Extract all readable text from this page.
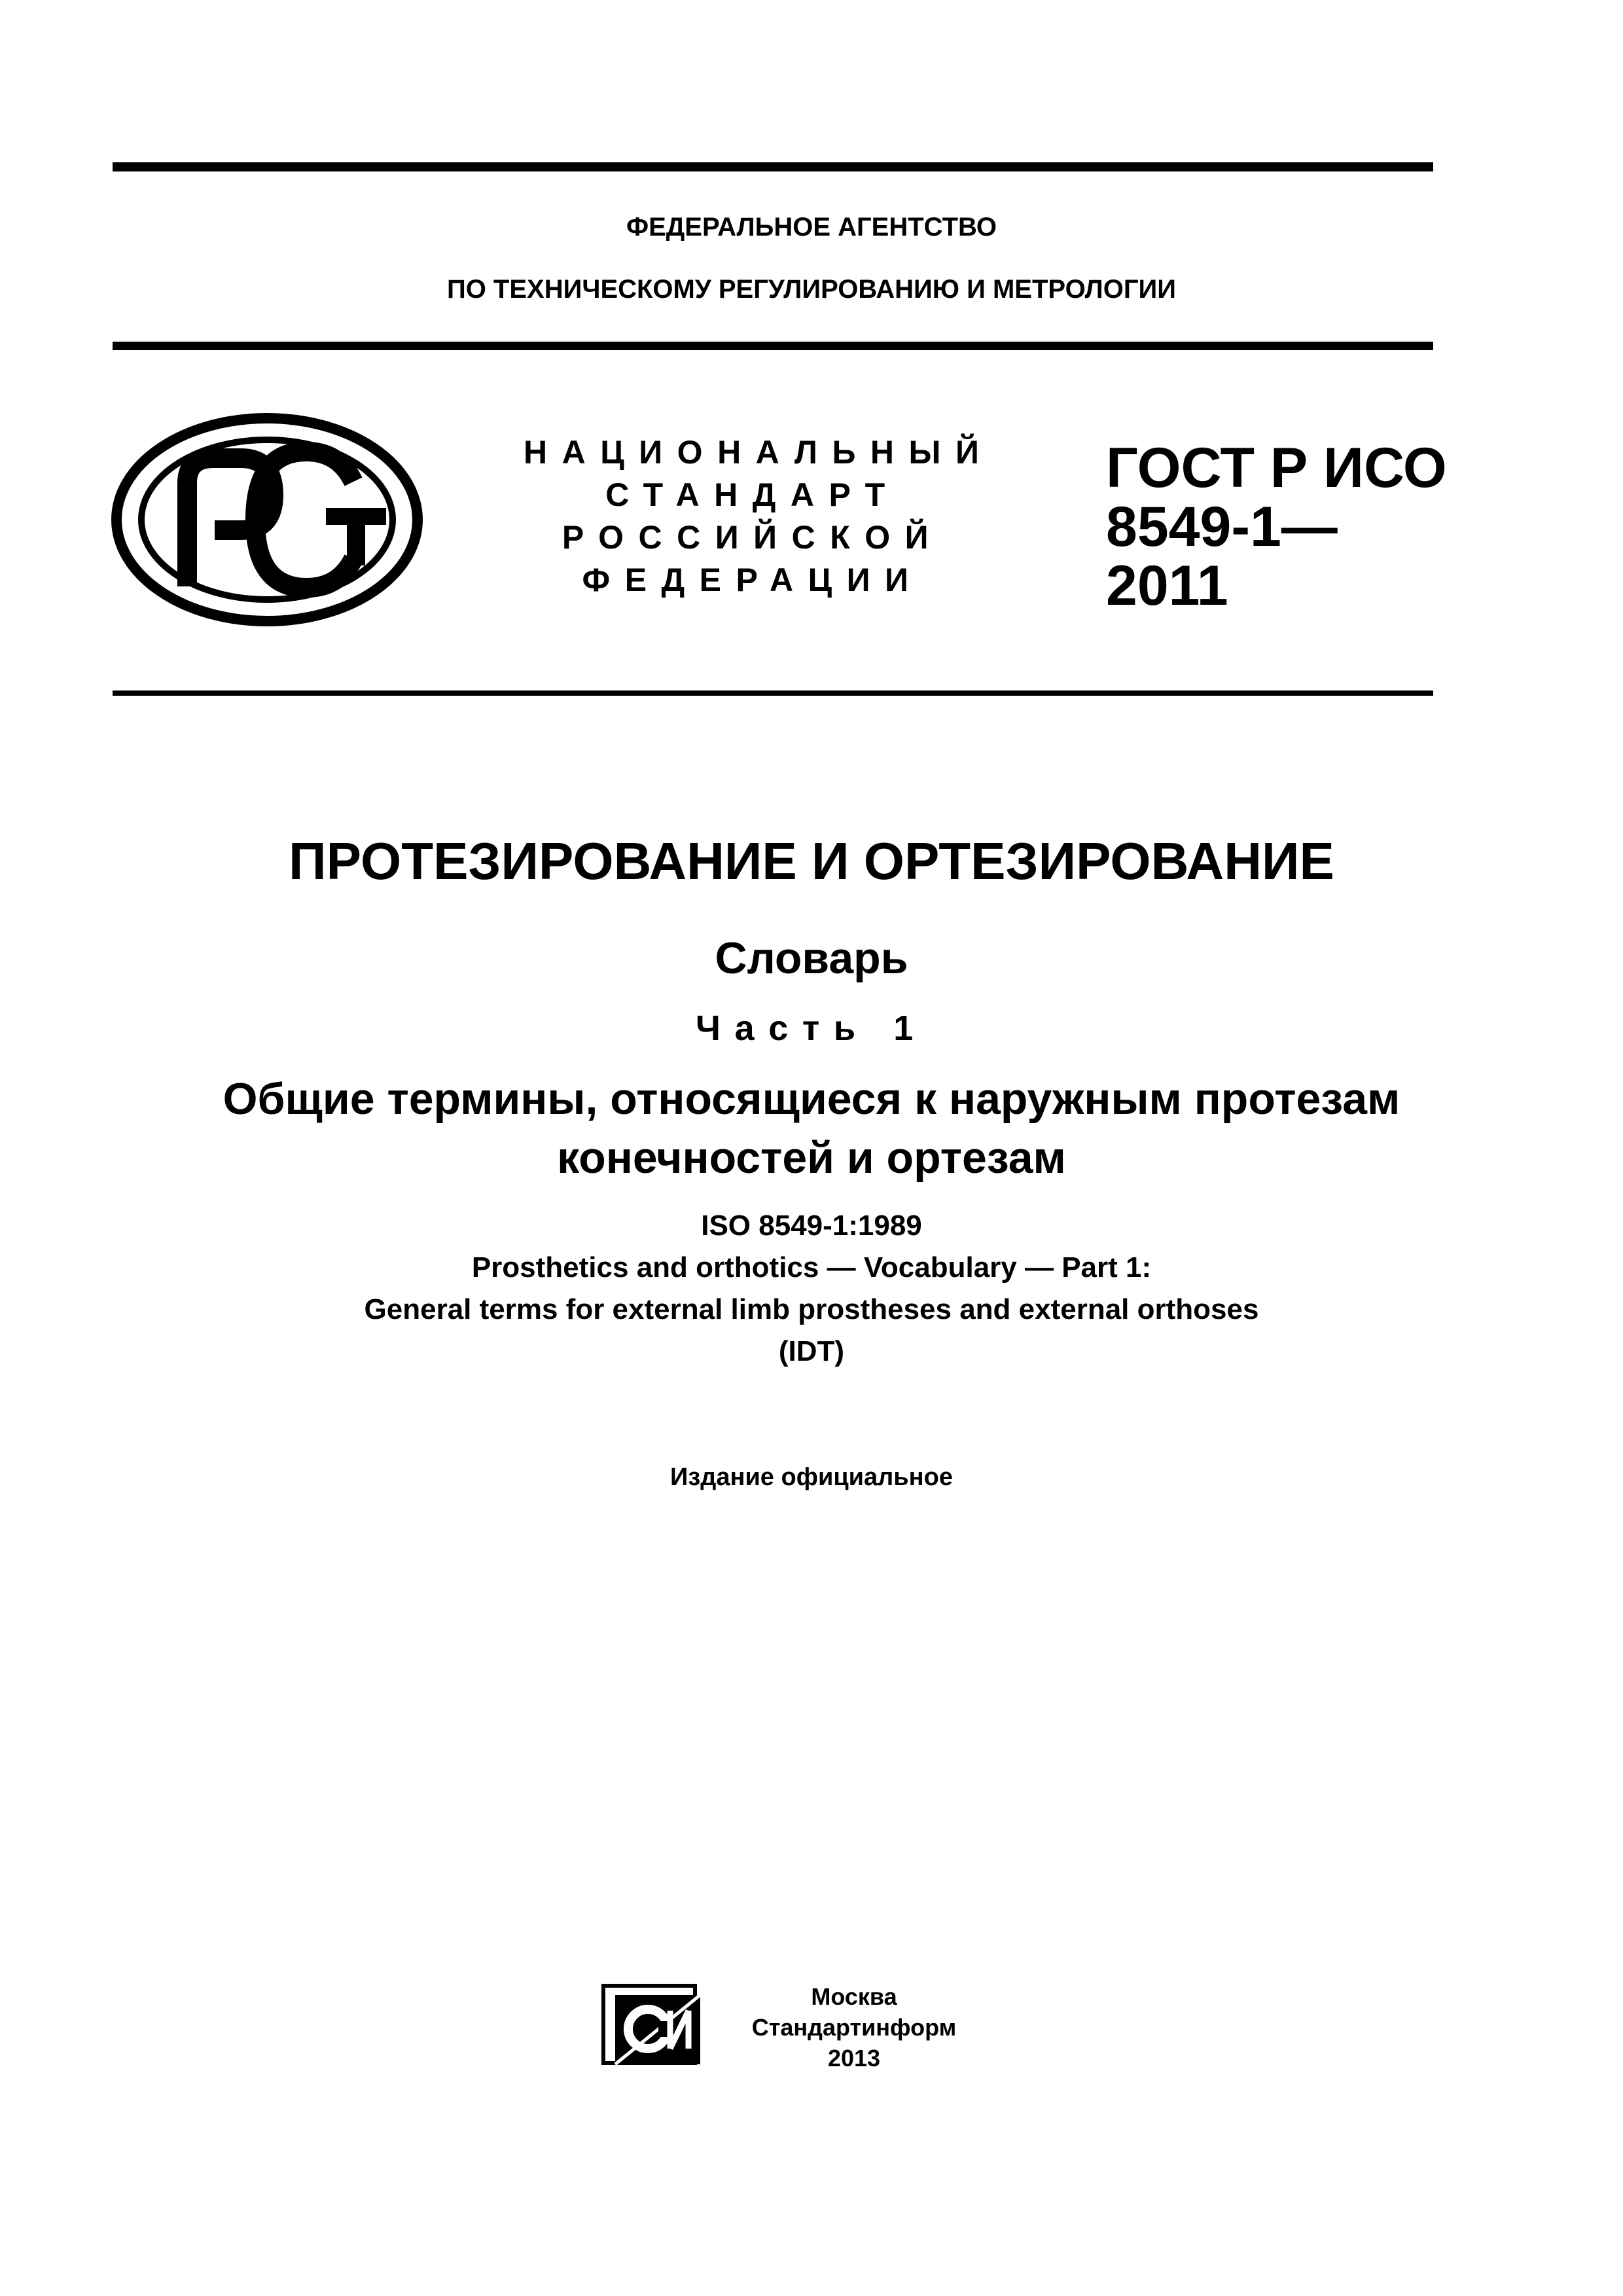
ФЕДЕРАЛЬНОЕ АГЕНТСТВО
ПО ТЕХНИЧЕСКОМУ РЕГУЛИРОВАНИЮ И МЕТРОЛОГИИ
НАЦИОНАЛЬНЫЙ
СТАНДАРТ
РОССИЙСКОЙ
ФЕДЕРАЦИИ
ГОСТ Р ИСО
8549-1—
2011
ПРОТЕЗИРОВАНИЕ И ОРТЕЗИРОВАНИЕ
Словарь
Часть 1
Общие термины, относящиеся к наружным протезам
конечностей и ортезам
ISO 8549-1:1989
Prosthetics and orthotics — Vocabulary — Part 1:
General terms for external limb prostheses and external orthoses
(IDT)
Издание официальное
Москва
Стандартинформ
2013
